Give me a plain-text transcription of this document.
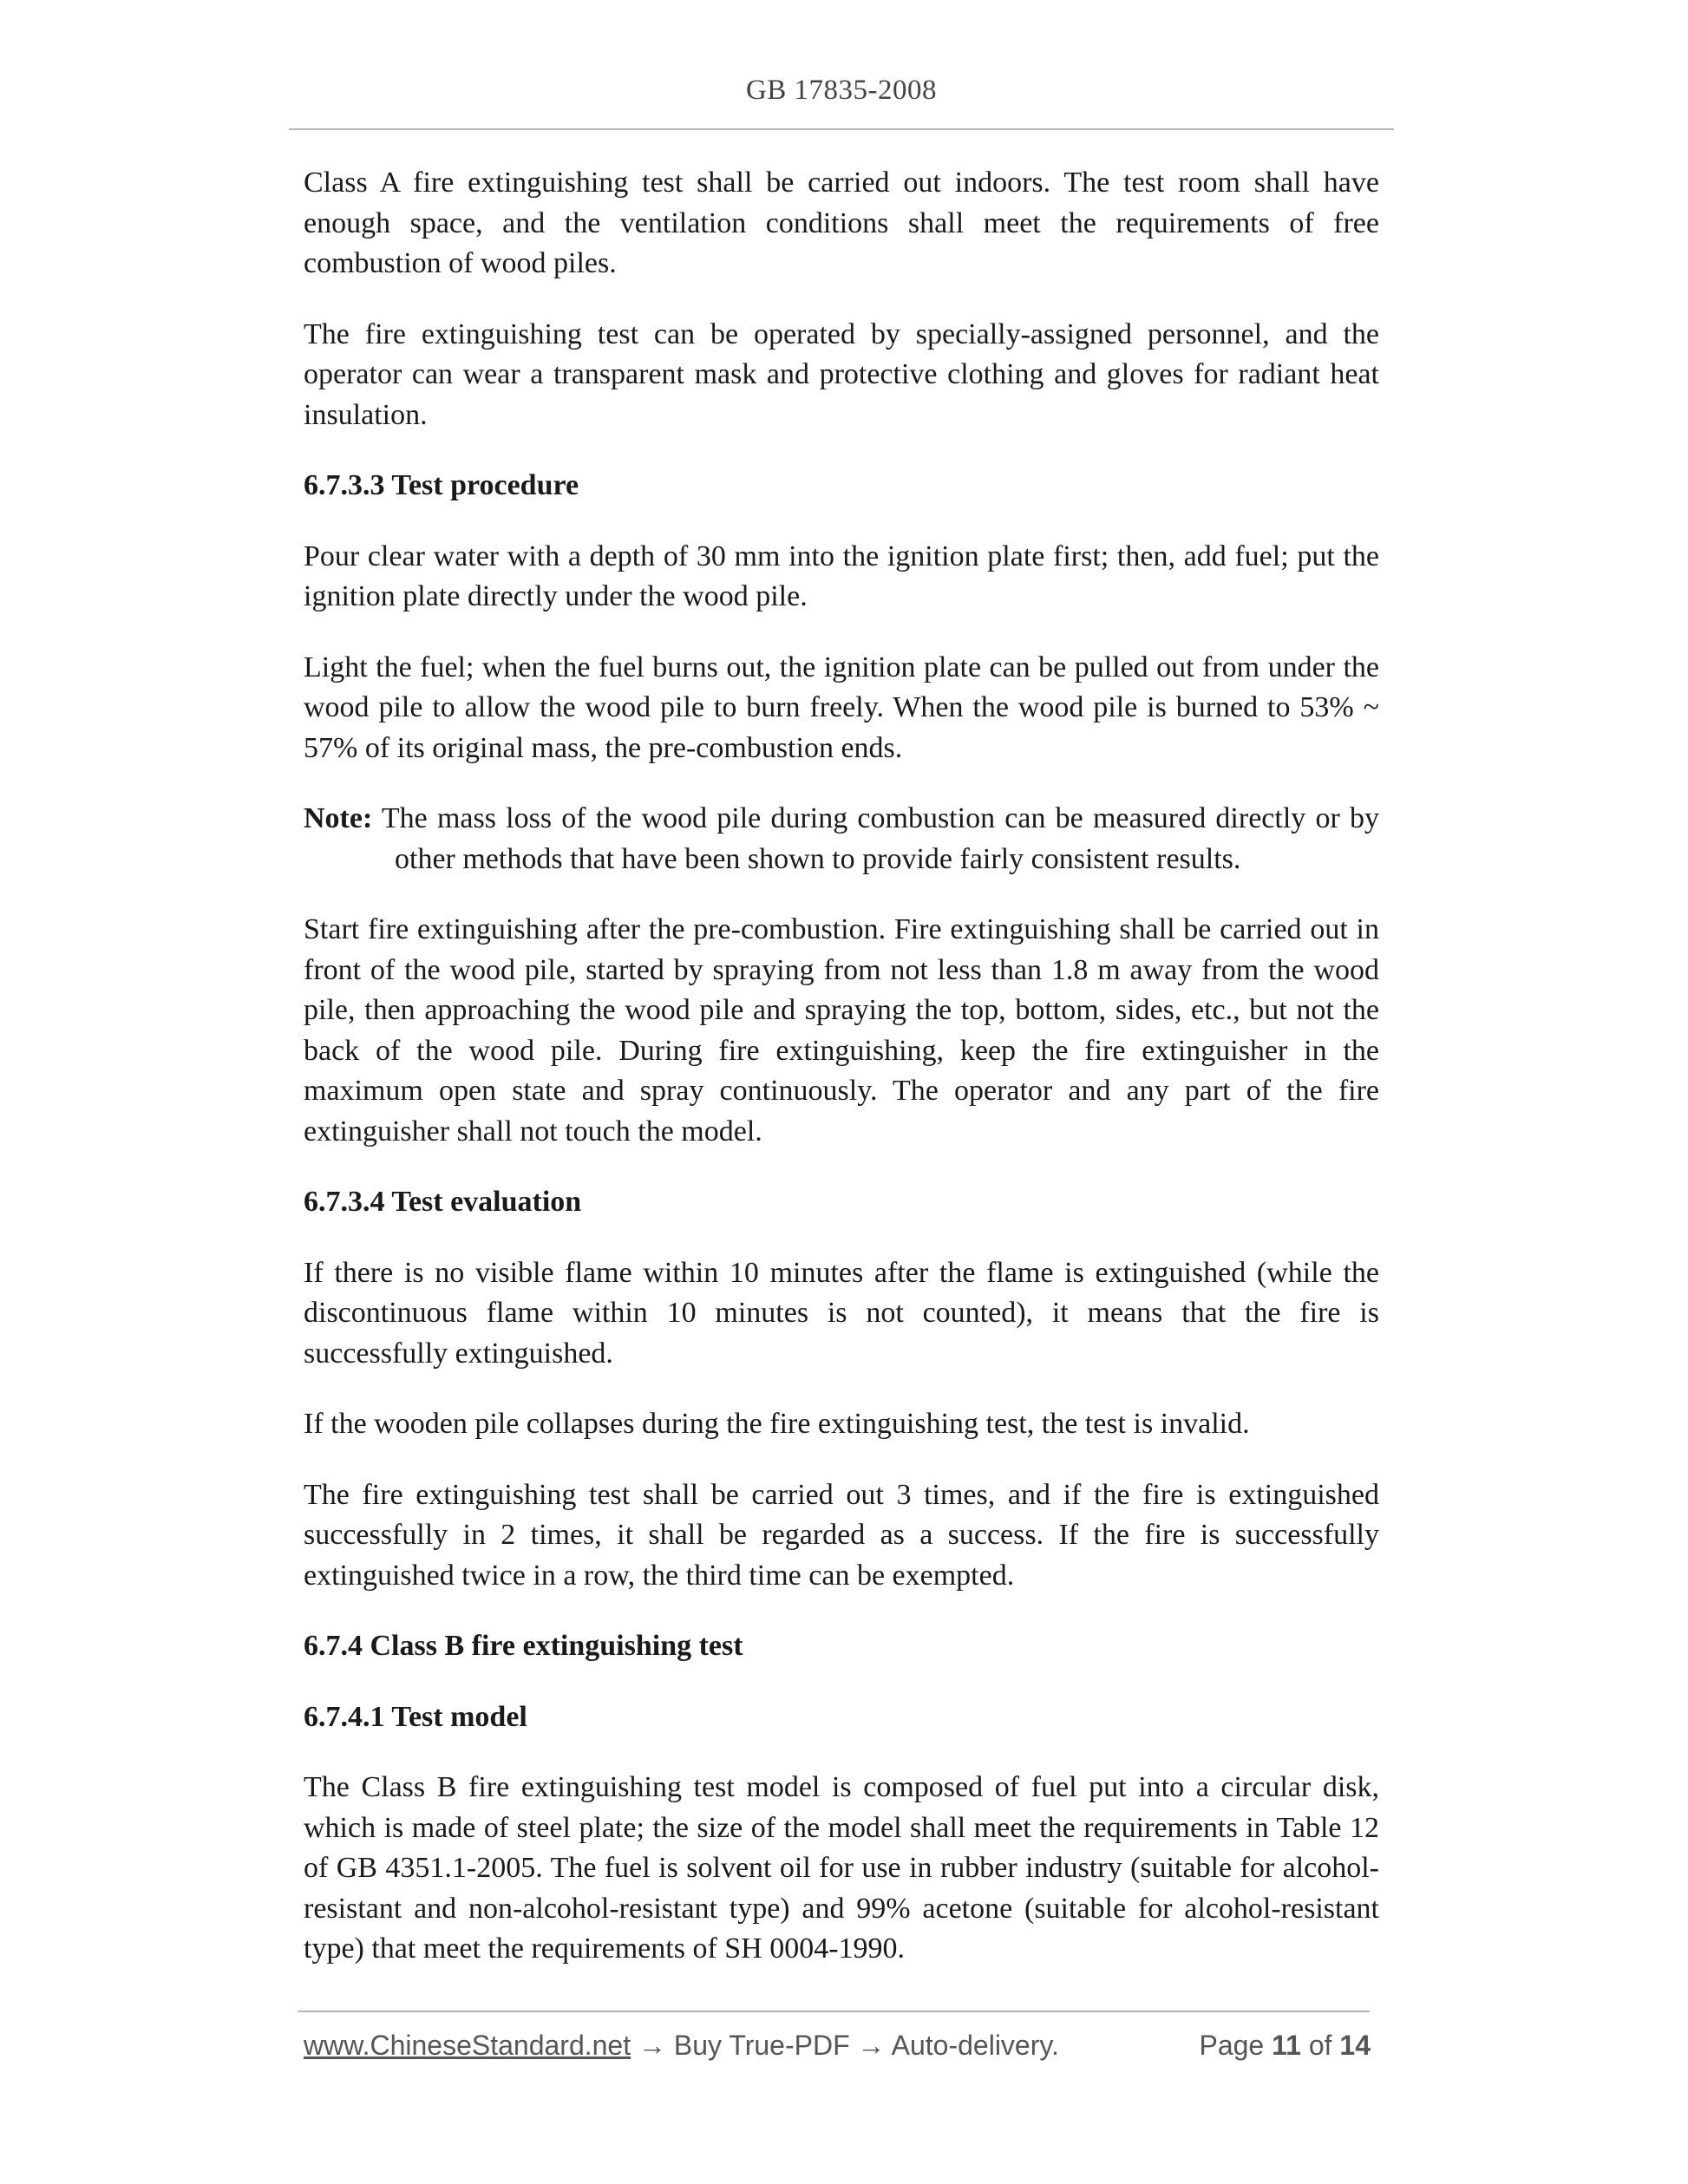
GB 17835-2008

Class A fire extinguishing test shall be carried out indoors. The test room shall have enough space, and the ventilation conditions shall meet the requirements of free combustion of wood piles.

The fire extinguishing test can be operated by specially-assigned personnel, and the operator can wear a transparent mask and protective clothing and gloves for radiant heat insulation.

6.7.3.3 Test procedure

Pour clear water with a depth of 30 mm into the ignition plate first; then, add fuel; put the ignition plate directly under the wood pile.

Light the fuel; when the fuel burns out, the ignition plate can be pulled out from under the wood pile to allow the wood pile to burn freely. When the wood pile is burned to 53% ~ 57% of its original mass, the pre-combustion ends.

Note: The mass loss of the wood pile during combustion can be measured directly or by other methods that have been shown to provide fairly consistent results.

Start fire extinguishing after the pre-combustion. Fire extinguishing shall be carried out in front of the wood pile, started by spraying from not less than 1.8 m away from the wood pile, then approaching the wood pile and spraying the top, bottom, sides, etc., but not the back of the wood pile. During fire extinguishing, keep the fire extinguisher in the maximum open state and spray continuously. The operator and any part of the fire extinguisher shall not touch the model.

6.7.3.4 Test evaluation

If there is no visible flame within 10 minutes after the flame is extinguished (while the discontinuous flame within 10 minutes is not counted), it means that the fire is successfully extinguished.

If the wooden pile collapses during the fire extinguishing test, the test is invalid.

The fire extinguishing test shall be carried out 3 times, and if the fire is extinguished successfully in 2 times, it shall be regarded as a success. If the fire is successfully extinguished twice in a row, the third time can be exempted.

6.7.4 Class B fire extinguishing test
6.7.4.1 Test model

The Class B fire extinguishing test model is composed of fuel put into a circular disk, which is made of steel plate; the size of the model shall meet the requirements in Table 12 of GB 4351.1-2005. The fuel is solvent oil for use in rubber industry (suitable for alcohol-resistant and non-alcohol-resistant type) and 99% acetone (suitable for alcohol-resistant type) that meet the requirements of SH 0004-1990.

www.ChineseStandard.net → Buy True-PDF → Auto-delivery.	Page 11 of 14
